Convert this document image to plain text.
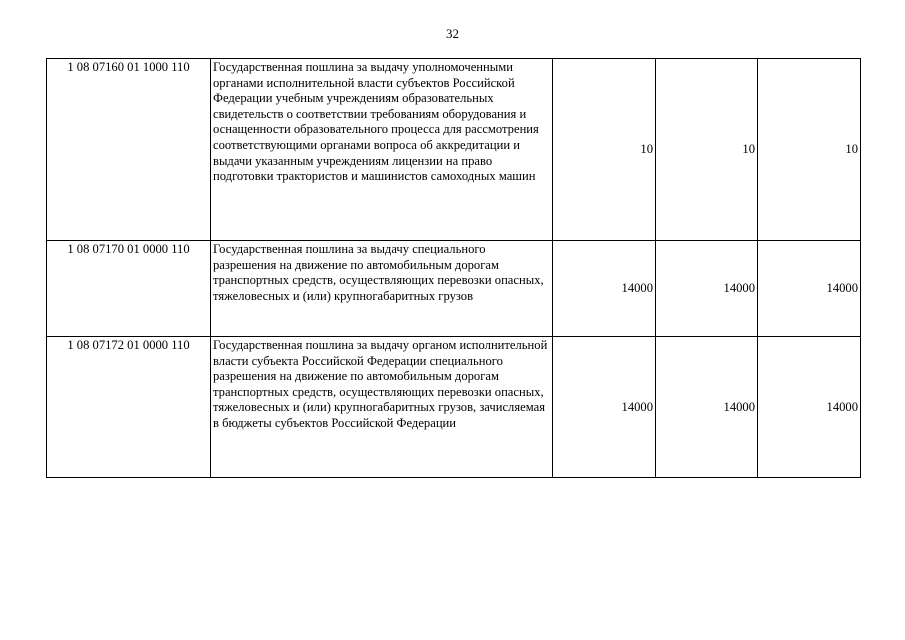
32
1 08 07160 01 1000 110	Государственная пошлина за выдачу уполномоченными органами исполнительной власти субъектов Российской Федерации учебным учреждениям образовательных свидетельств о соответствии требованиям оборудования и оснащенности образовательного процесса для рассмотрения соответствующими органами вопроса об аккредитации и выдачи указанным учреждениям лицензии на право подготовки трактористов и машинистов самоходных машин	10	10	10
1 08 07170 01 0000 110	Государственная пошлина за выдачу специального разрешения на движение по автомобильным дорогам транспортных средств, осуществляющих перевозки опасных, тяжеловесных и (или) крупногабаритных грузов	14000	14000	14000
1 08 07172 01 0000 110	Государственная пошлина за выдачу органом исполнительной власти субъекта Российской Федерации специального разрешения на движение по автомобильным дорогам транспортных средств, осуществляющих перевозки опасных, тяжеловесных и (или) крупногабаритных грузов, зачисляемая в бюджеты субъектов Российской Федерации	14000	14000	14000
